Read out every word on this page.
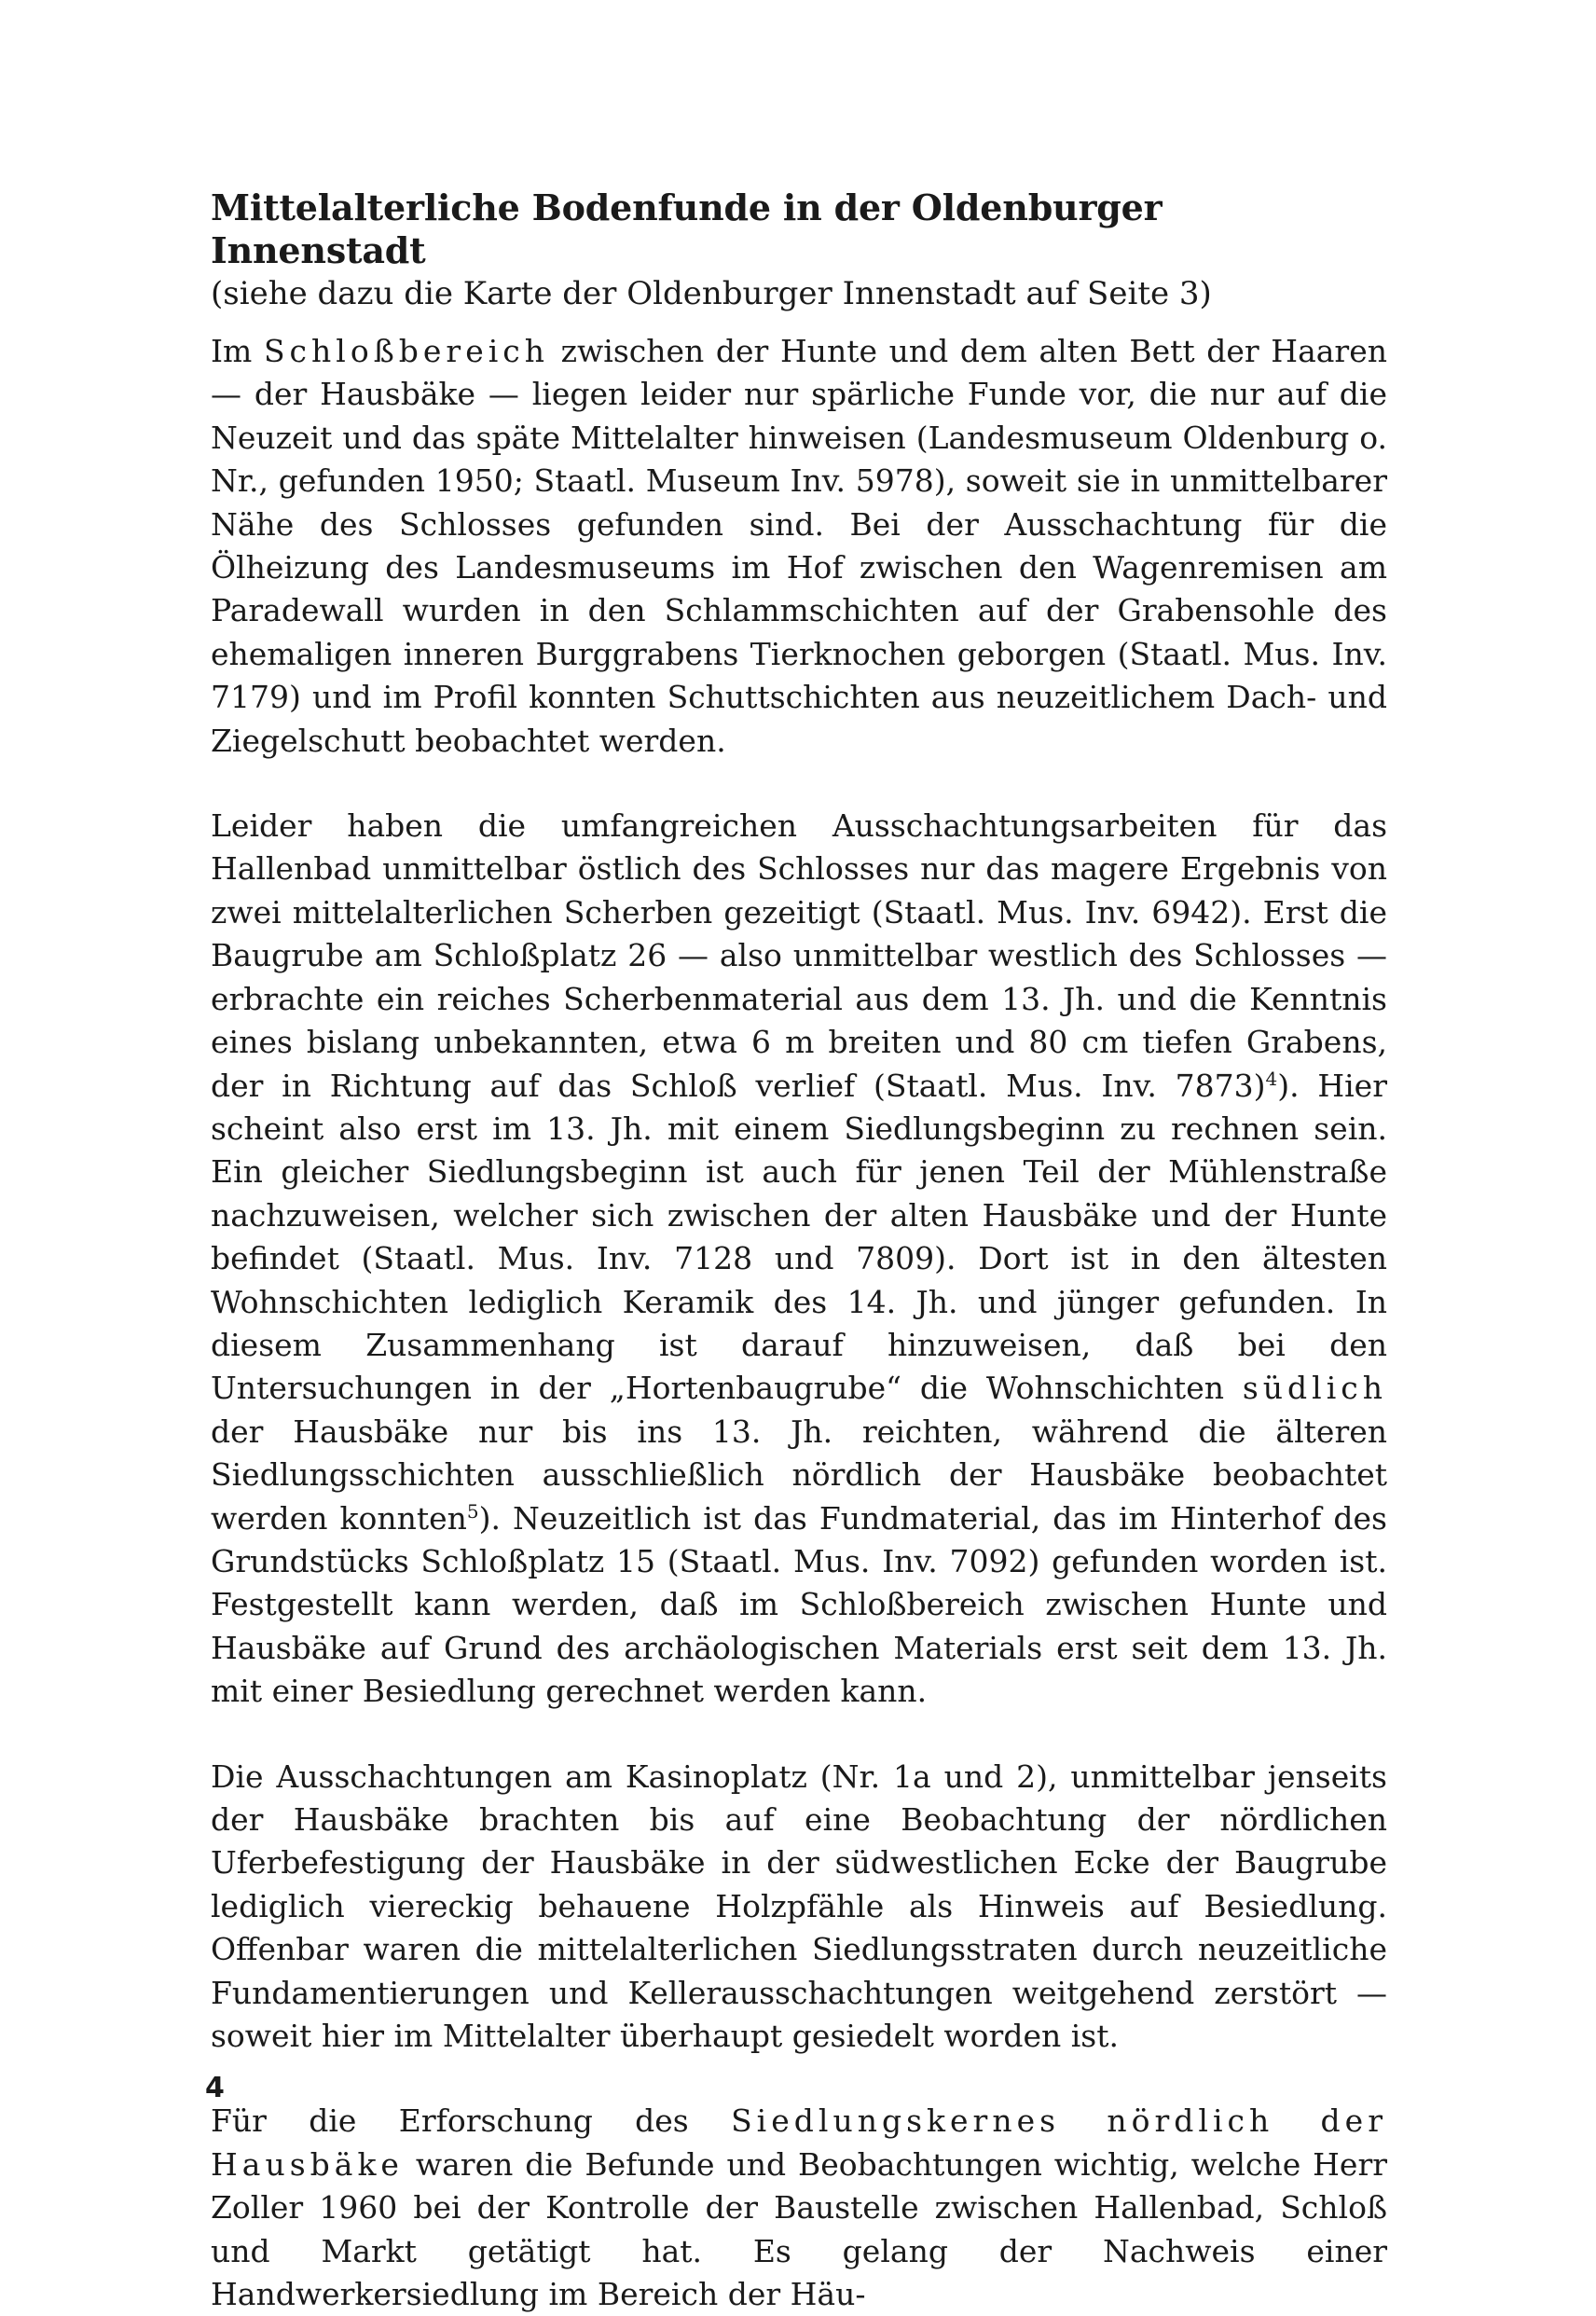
Mittelalterliche Bodenfunde in der Oldenburger Innenstadt

(siehe dazu die Karte der Oldenburger Innenstadt auf Seite 3)

Im Schloßbereich zwischen der Hunte und dem alten Bett der Haaren — der Hausbäke — liegen leider nur spärliche Funde vor, die nur auf die Neuzeit und das späte Mittelalter hinweisen (Landesmuseum Oldenburg o. Nr., gefunden 1950; Staatl. Museum Inv. 5978), soweit sie in unmittelbarer Nähe des Schlosses gefunden sind. Bei der Ausschachtung für die Ölheizung des Landesmuseums im Hof zwischen den Wagenremisen am Paradewall wurden in den Schlammschichten auf der Grabensohle des ehemaligen inneren Burggrabens Tierknochen geborgen (Staatl. Mus. Inv. 7179) und im Profil konnten Schuttschichten aus neuzeitlichem Dach- und Ziegelschutt beobachtet werden.

Leider haben die umfangreichen Ausschachtungsarbeiten für das Hallenbad unmittelbar östlich des Schlosses nur das magere Ergebnis von zwei mittelalterlichen Scherben gezeitigt (Staatl. Mus. Inv. 6942). Erst die Baugrube am Schloßplatz 26 — also unmittelbar westlich des Schlosses — erbrachte ein reiches Scherbenmaterial aus dem 13. Jh. und die Kenntnis eines bislang unbekannten, etwa 6 m breiten und 80 cm tiefen Grabens, der in Richtung auf das Schloß verlief (Staatl. Mus. Inv. 7873)$^4$). Hier scheint also erst im 13. Jh. mit einem Siedlungsbeginn zu rechnen sein. Ein gleicher Siedlungsbeginn ist auch für jenen Teil der Mühlenstraße nachzuweisen, welcher sich zwischen der alten Hausbäke und der Hunte befindet (Staatl. Mus. Inv. 7128 und 7809). Dort ist in den ältesten Wohnschichten lediglich Keramik des 14. Jh. und jünger gefunden. In diesem Zusammenhang ist darauf hinzuweisen, daß bei den Untersuchungen in der „Hortenbaugrube“ die Wohnschichten südlich der Hausbäke nur bis ins 13. Jh. reichten, während die älteren Siedlungsschichten ausschließlich nördlich der Hausbäke beobachtet werden konnten$^5$). Neuzeitlich ist das Fundmaterial, das im Hinterhof des Grundstücks Schloßplatz 15 (Staatl. Mus. Inv. 7092) gefunden worden ist. Festgestellt kann werden, daß im Schloßbereich zwischen Hunte und Hausbäke auf Grund des archäologischen Materials erst seit dem 13. Jh. mit einer Besiedlung gerechnet werden kann.

Die Ausschachtungen am Kasinoplatz (Nr. 1a und 2), unmittelbar jenseits der Hausbäke brachten bis auf eine Beobachtung der nördlichen Uferbefestigung der Hausbäke in der südwestlichen Ecke der Baugrube lediglich viereckig behauene Holzpfähle als Hinweis auf Besiedlung. Offenbar waren die mittelalterlichen Siedlungsstraten durch neuzeitliche Fundamentierungen und Kellerausschachtungen weitgehend zerstört — soweit hier im Mittelalter überhaupt gesiedelt worden ist.

Für die Erforschung des Siedlungskernes nördlich der Hausbäke waren die Befunde und Beobachtungen wichtig, welche Herr Zoller 1960 bei der Kontrolle der Baustelle zwischen Hallenbad, Schloß und Markt getätigt hat. Es gelang der Nachweis einer Handwerkersiedlung im Bereich der Häu-

4
